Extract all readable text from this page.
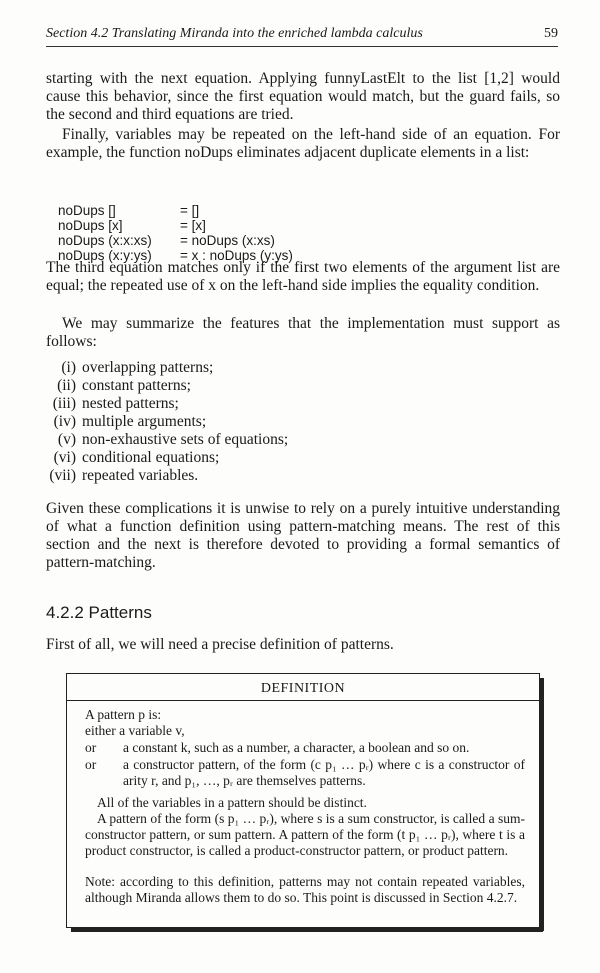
Section 4.2 Translating Miranda into the enriched lambda calculus	59
starting with the next equation. Applying funnyLastElt to the list [1,2] would cause this behavior, since the first equation would match, but the guard fails, so the second and third equations are tried.
Finally, variables may be repeated on the left-hand side of an equation. For example, the function noDups eliminates adjacent duplicate elements in a list:
noDups []	= []
noDups [x]	= [x]
noDups (x:x:xs) = noDups (x:xs)
noDups (x:y:ys) = x : noDups (y:ys)
The third equation matches only if the first two elements of the argument list are equal; the repeated use of x on the left-hand side implies the equality condition.
We may summarize the features that the implementation must support as follows:
(i) overlapping patterns;
(ii) constant patterns;
(iii) nested patterns;
(iv) multiple arguments;
(v) non-exhaustive sets of equations;
(vi) conditional equations;
(vii) repeated variables.
Given these complications it is unwise to rely on a purely intuitive understanding of what a function definition using pattern-matching means. The rest of this section and the next is therefore devoted to providing a formal semantics of pattern-matching.
4.2.2 Patterns
First of all, we will need a precise definition of patterns.
DEFINITION
A pattern p is:
either a variable v,
or a constant k, such as a number, a character, a boolean and so on.
or a constructor pattern, of the form (c p₁ … pᵣ) where c is a constructor of arity r, and p₁, …, pᵣ are themselves patterns.
All of the variables in a pattern should be distinct.
A pattern of the form (s p₁ … pᵣ), where s is a sum constructor, is called a sum-constructor pattern, or sum pattern. A pattern of the form (t p₁ … pᵣ), where t is a product constructor, is called a product-constructor pattern, or product pattern.
Note: according to this definition, patterns may not contain repeated variables, although Miranda allows them to do so. This point is discussed in Section 4.2.7.
